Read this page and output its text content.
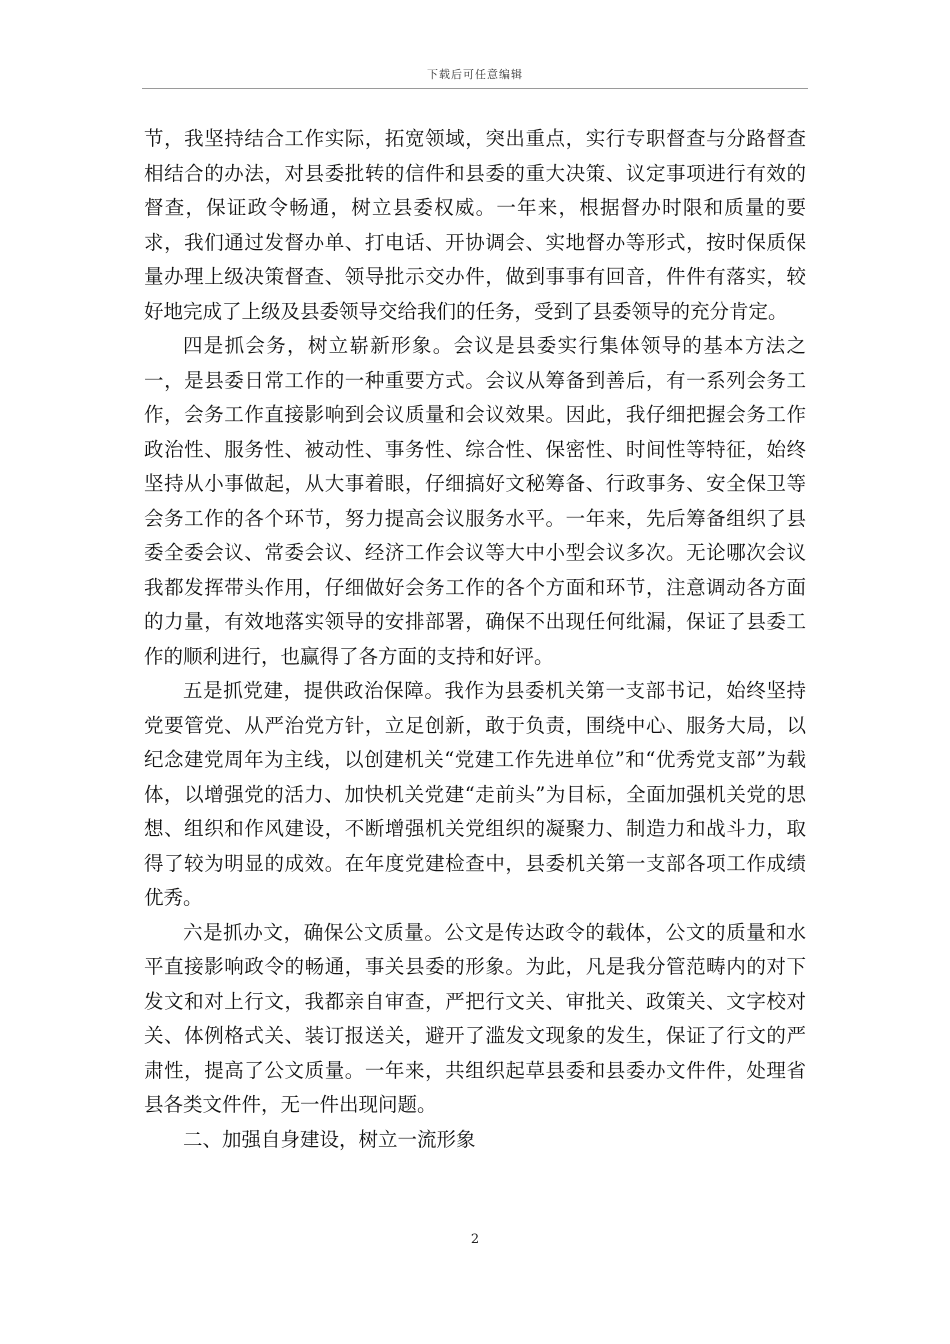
下载后可任意编辑

节，我坚持结合工作实际，拓宽领域，突出重点，实行专职督查与分路督查相结合的办法，对县委批转的信件和县委的重大决策、议定事项进行有效的督查，保证政令畅通，树立县委权威。一年来，根据督办时限和质量的要求，我们通过发督办单、打电话、开协调会、实地督办等形式，按时保质保量办理上级决策督查、领导批示交办件，做到事事有回音，件件有落实，较好地完成了上级及县委领导交给我们的任务，受到了县委领导的充分肯定。

四是抓会务，树立崭新形象。会议是县委实行集体领导的基本方法之一，是县委日常工作的一种重要方式。会议从筹备到善后，有一系列会务工作，会务工作直接影响到会议质量和会议效果。因此，我仔细把握会务工作政治性、服务性、被动性、事务性、综合性、保密性、时间性等特征，始终坚持从小事做起，从大事着眼，仔细搞好文秘筹备、行政事务、安全保卫等会务工作的各个环节，努力提高会议服务水平。一年来，先后筹备组织了县委全委会议、常委会议、经济工作会议等大中小型会议多次。无论哪次会议我都发挥带头作用，仔细做好会务工作的各个方面和环节，注意调动各方面的力量，有效地落实领导的安排部署，确保不出现任何纰漏，保证了县委工作的顺利进行，也赢得了各方面的支持和好评。

五是抓党建，提供政治保障。我作为县委机关第一支部书记，始终坚持党要管党、从严治党方针，立足创新，敢于负责，围绕中心、服务大局，以纪念建党周年为主线，以创建机关“党建工作先进单位”和“优秀党支部”为载体，以增强党的活力、加快机关党建“走前头”为目标，全面加强机关党的思想、组织和作风建设，不断增强机关党组织的凝聚力、制造力和战斗力，取得了较为明显的成效。在年度党建检查中，县委机关第一支部各项工作成绩优秀。

六是抓办文，确保公文质量。公文是传达政令的载体，公文的质量和水平直接影响政令的畅通，事关县委的形象。为此，凡是我分管范畴内的对下发文和对上行文，我都亲自审查，严把行文关、审批关、政策关、文字校对关、体例格式关、装订报送关，避开了滥发文现象的发生，保证了行文的严肃性，提高了公文质量。一年来，共组织起草县委和县委办文件件，处理省县各类文件件，无一件出现问题。

二、加强自身建设，树立一流形象

2
